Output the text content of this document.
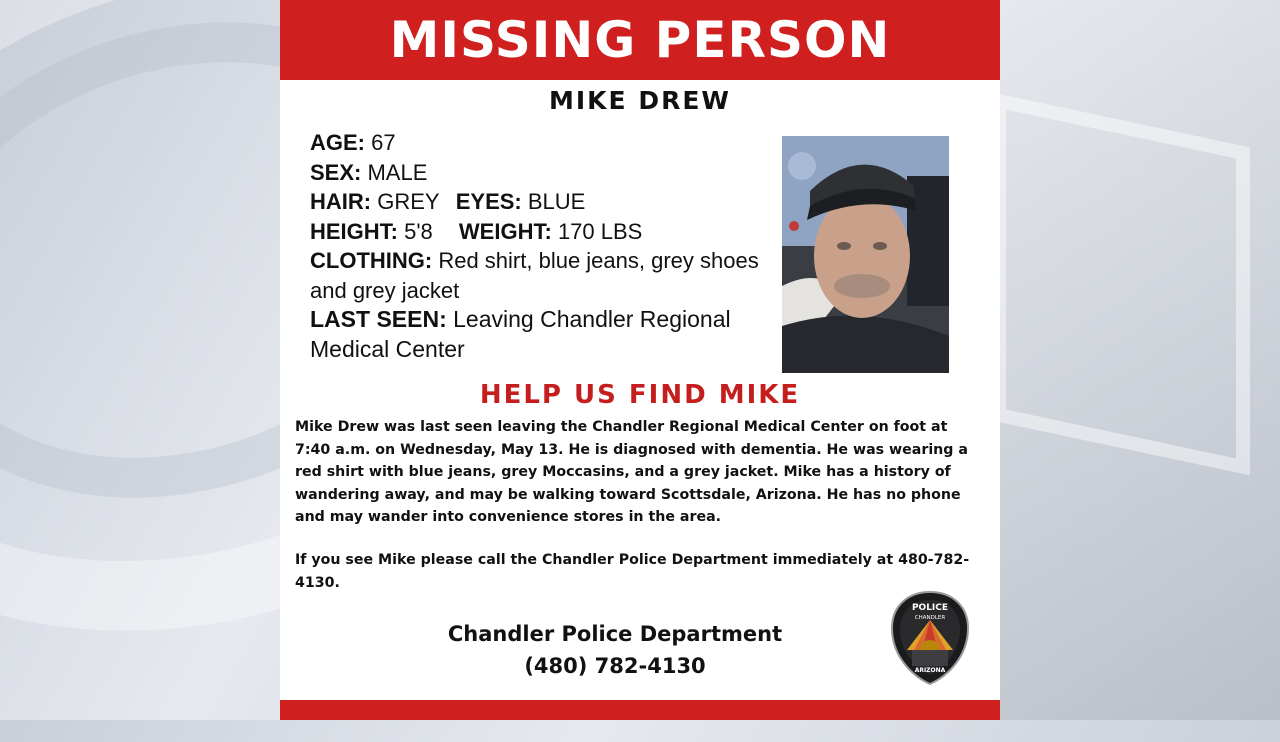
MISSING PERSON
MIKE DREW
AGE: 67
SEX: MALE
HAIR: GREY EYES: BLUE
HEIGHT: 5'8 WEIGHT: 170 LBS
CLOTHING: Red shirt, blue jeans, grey shoes and grey jacket
LAST SEEN: Leaving Chandler Regional Medical Center
HELP US FIND MIKE
Mike Drew was last seen leaving the Chandler Regional Medical Center on foot at 7:40 a.m. on Wednesday, May 13. He is diagnosed with dementia. He was wearing a red shirt with blue jeans, grey Moccasins, and a grey jacket. Mike has a history of wandering away, and may be walking toward Scottsdale, Arizona. He has no phone and may wander into convenience stores in the area.
If you see Mike please call the Chandler Police Department immediately at 480-782-4130.
Chandler Police Department
(480) 782-4130
POLICE
CHANDLER
ARIZONA
